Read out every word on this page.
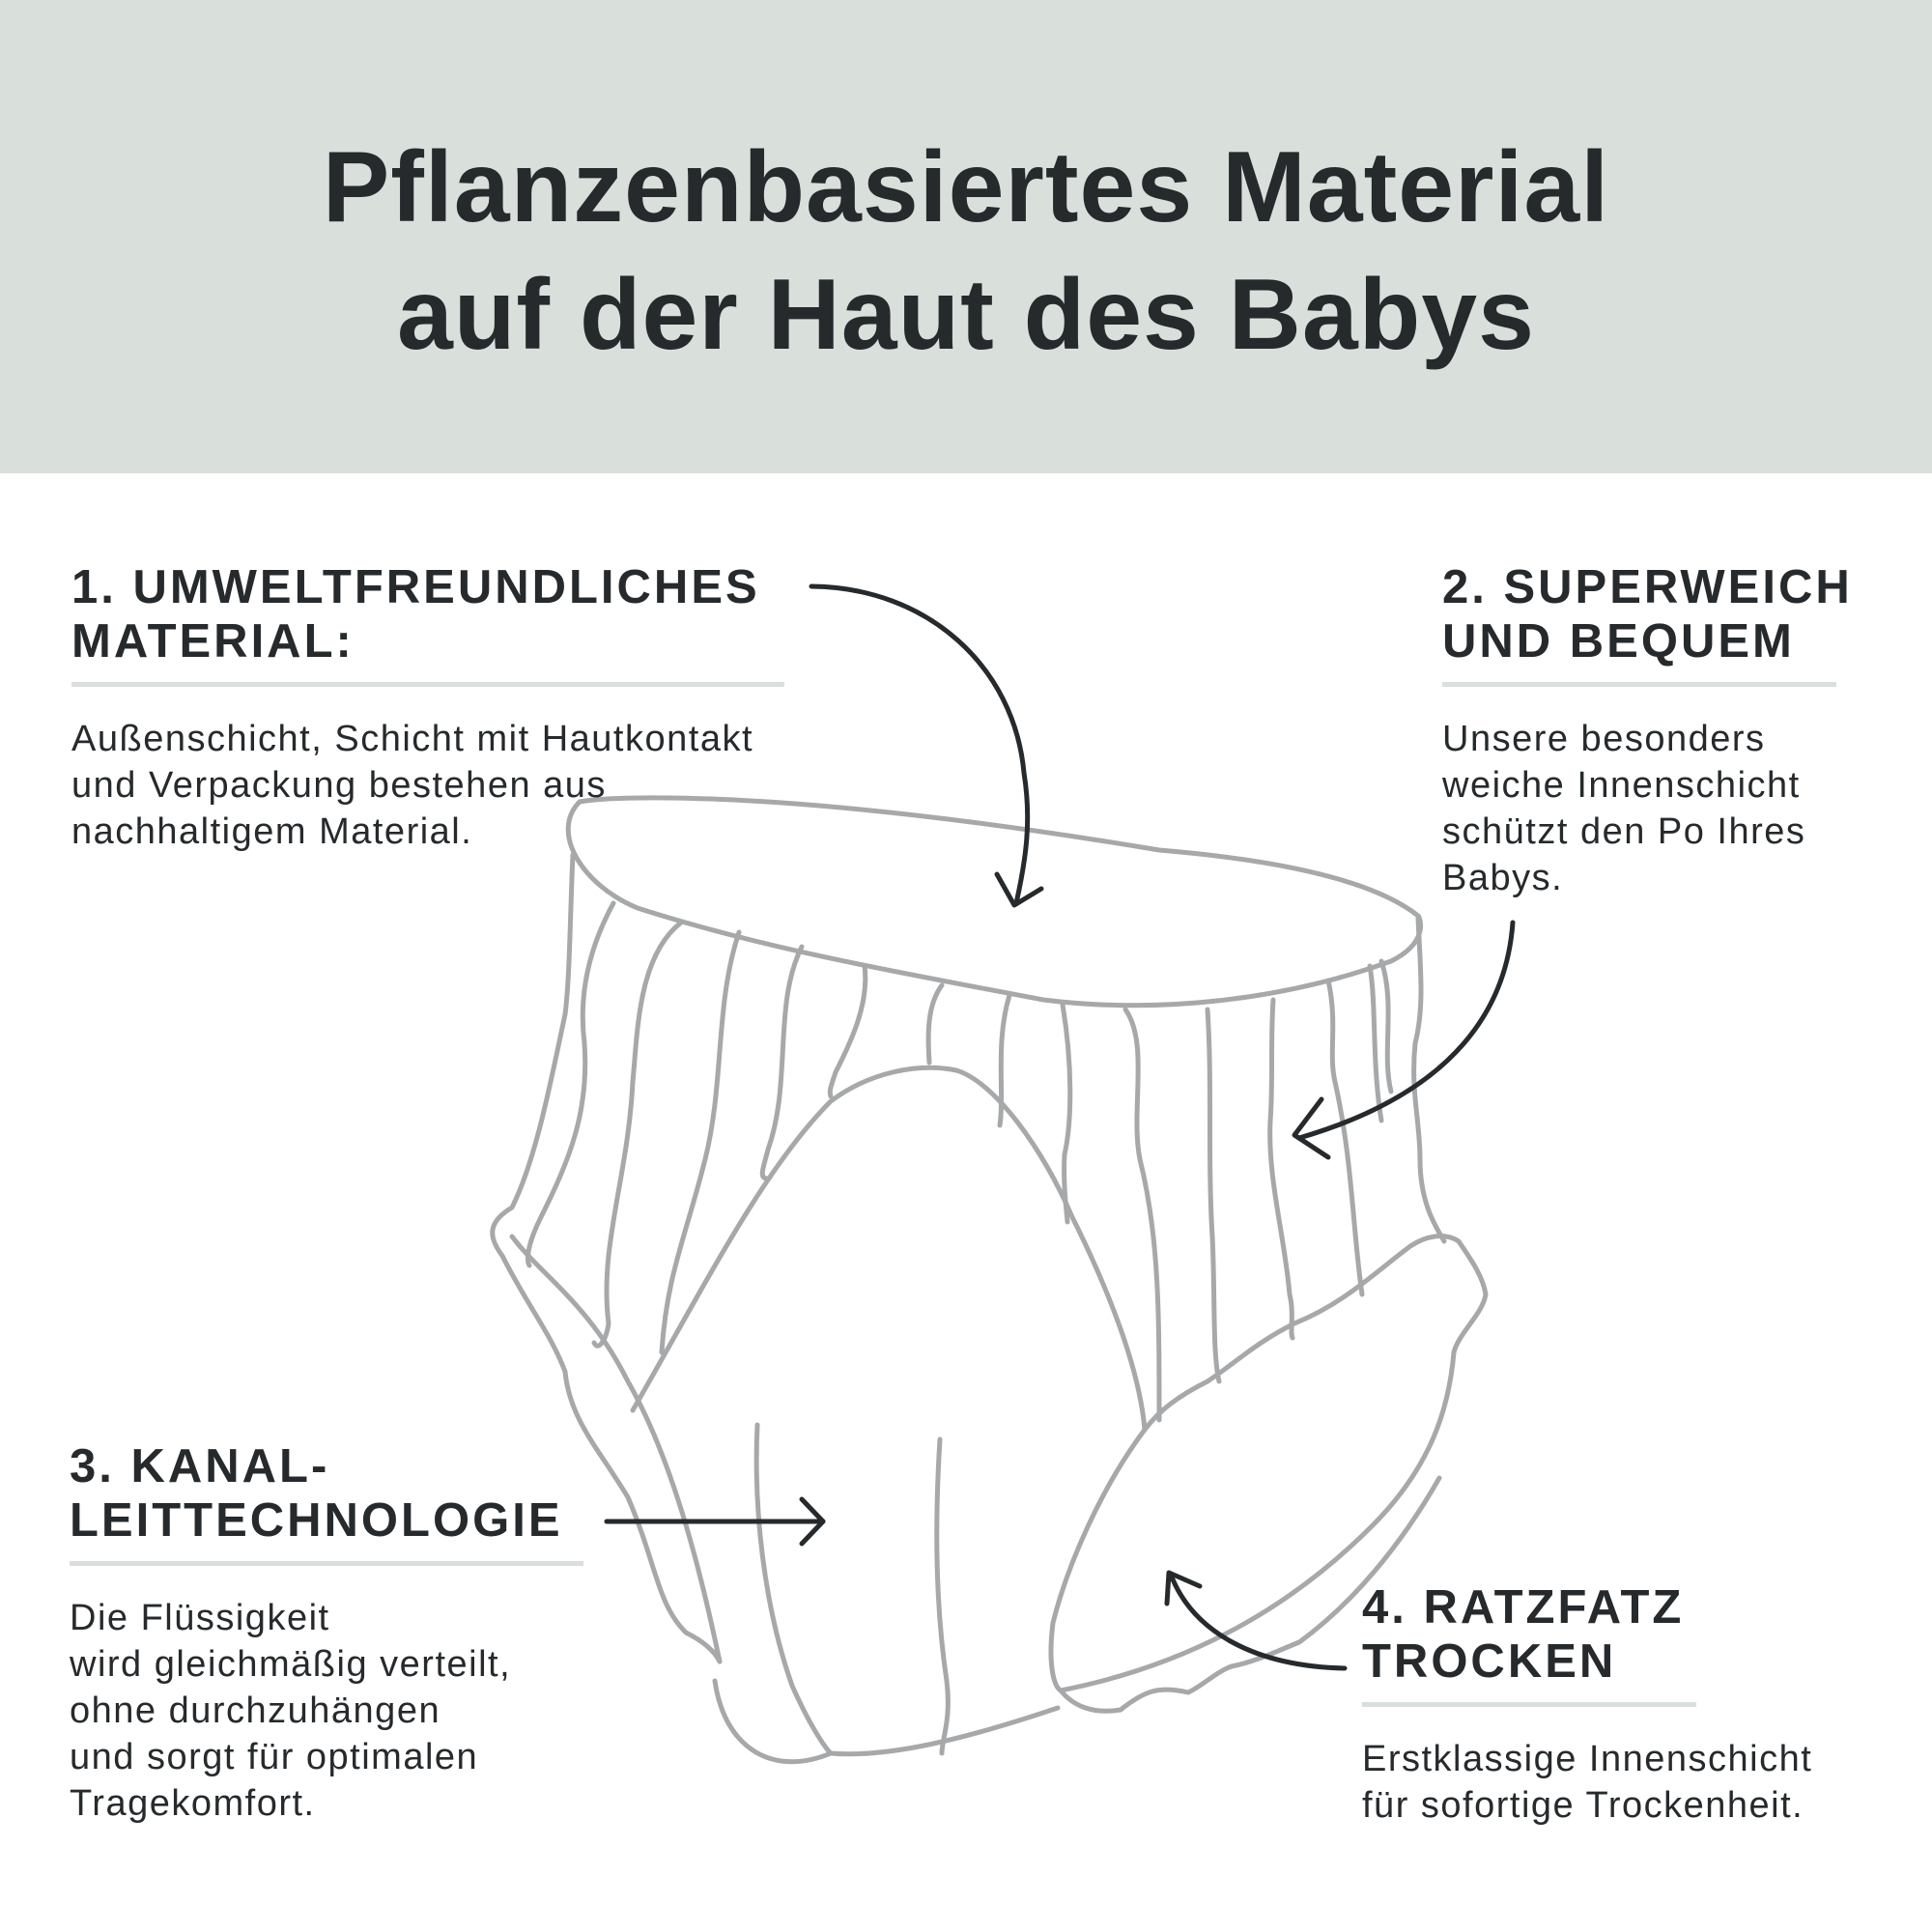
Pflanzenbasiertes Material
auf der Haut des Babys
1. UMWELTFREUNDLICHES
MATERIAL:
Außenschicht, Schicht mit Hautkontakt
und Verpackung bestehen aus
nachhaltigem Material.
2. SUPERWEICH
UND BEQUEM
Unsere besonders
weiche Innenschicht
schützt den Po Ihres
Babys.
3. KANAL-
LEITTECHNOLOGIE
Die Flüssigkeit
wird gleichmäßig verteilt,
ohne durchzuhängen
und sorgt für optimalen
Tragekomfort.
4. RATZFATZ
TROCKEN
Erstklassige Innenschicht
für sofortige Trockenheit.
